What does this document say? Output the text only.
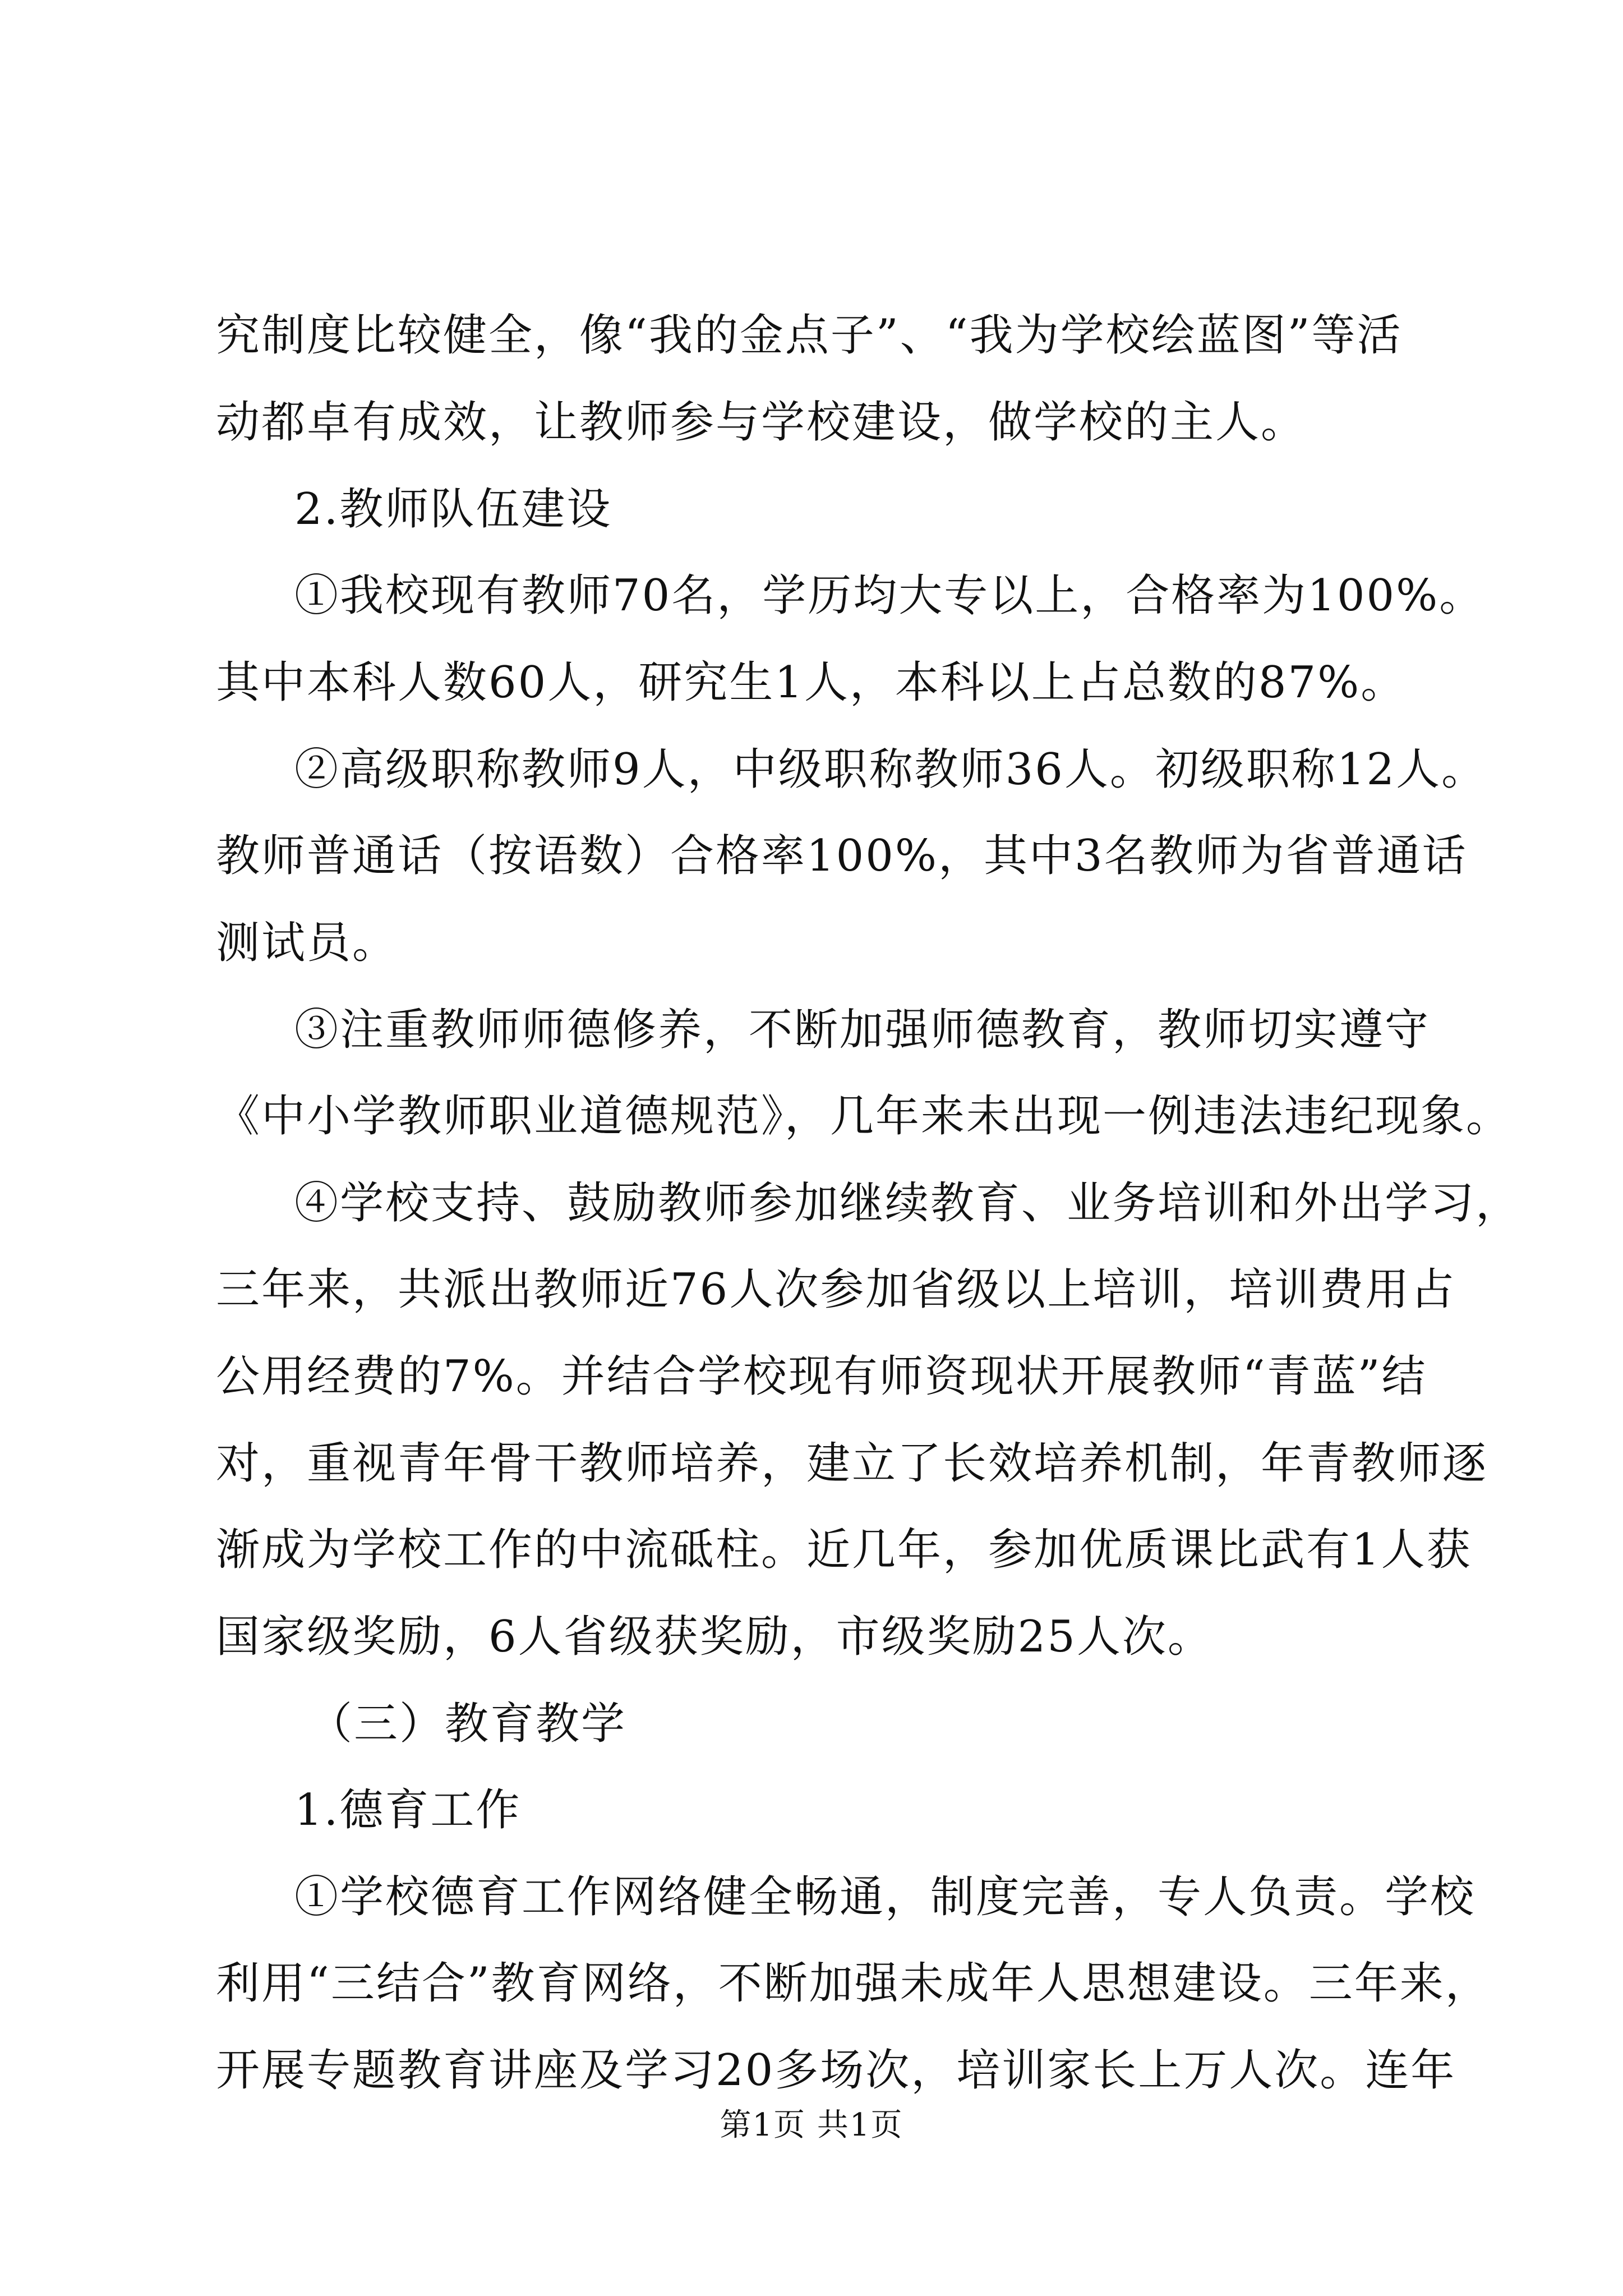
究制度比较健全，像“我的金点子”、“我为学校绘蓝图”等活
动都卓有成效，让教师参与学校建设，做学校的主人。
2.教师队伍建设
①我校现有教师70名，学历均大专以上，合格率为100%。
其中本科人数60人，研究生1人，本科以上占总数的87%。
②高级职称教师9人，中级职称教师36人。初级职称12人。
教师普通话（按语数）合格率100%，其中3名教师为省普通话
测试员。
③注重教师师德修养，不断加强师德教育，教师切实遵守
《中小学教师职业道德规范》，几年来未出现一例违法违纪现象。
④学校支持、鼓励教师参加继续教育、业务培训和外出学习，
三年来，共派出教师近76人次参加省级以上培训，培训费用占
公用经费的7%。并结合学校现有师资现状开展教师“青蓝”结
对，重视青年骨干教师培养，建立了长效培养机制，年青教师逐
渐成为学校工作的中流砥柱。近几年，参加优质课比武有1人获
国家级奖励，6人省级获奖励，市级奖励25人次。
（三）教育教学
1.德育工作
①学校德育工作网络健全畅通，制度完善，专人负责。学校
利用“三结合”教育网络，不断加强未成年人思想建设。三年来，
开展专题教育讲座及学习20多场次，培训家长上万人次。连年
第1页 共1页
